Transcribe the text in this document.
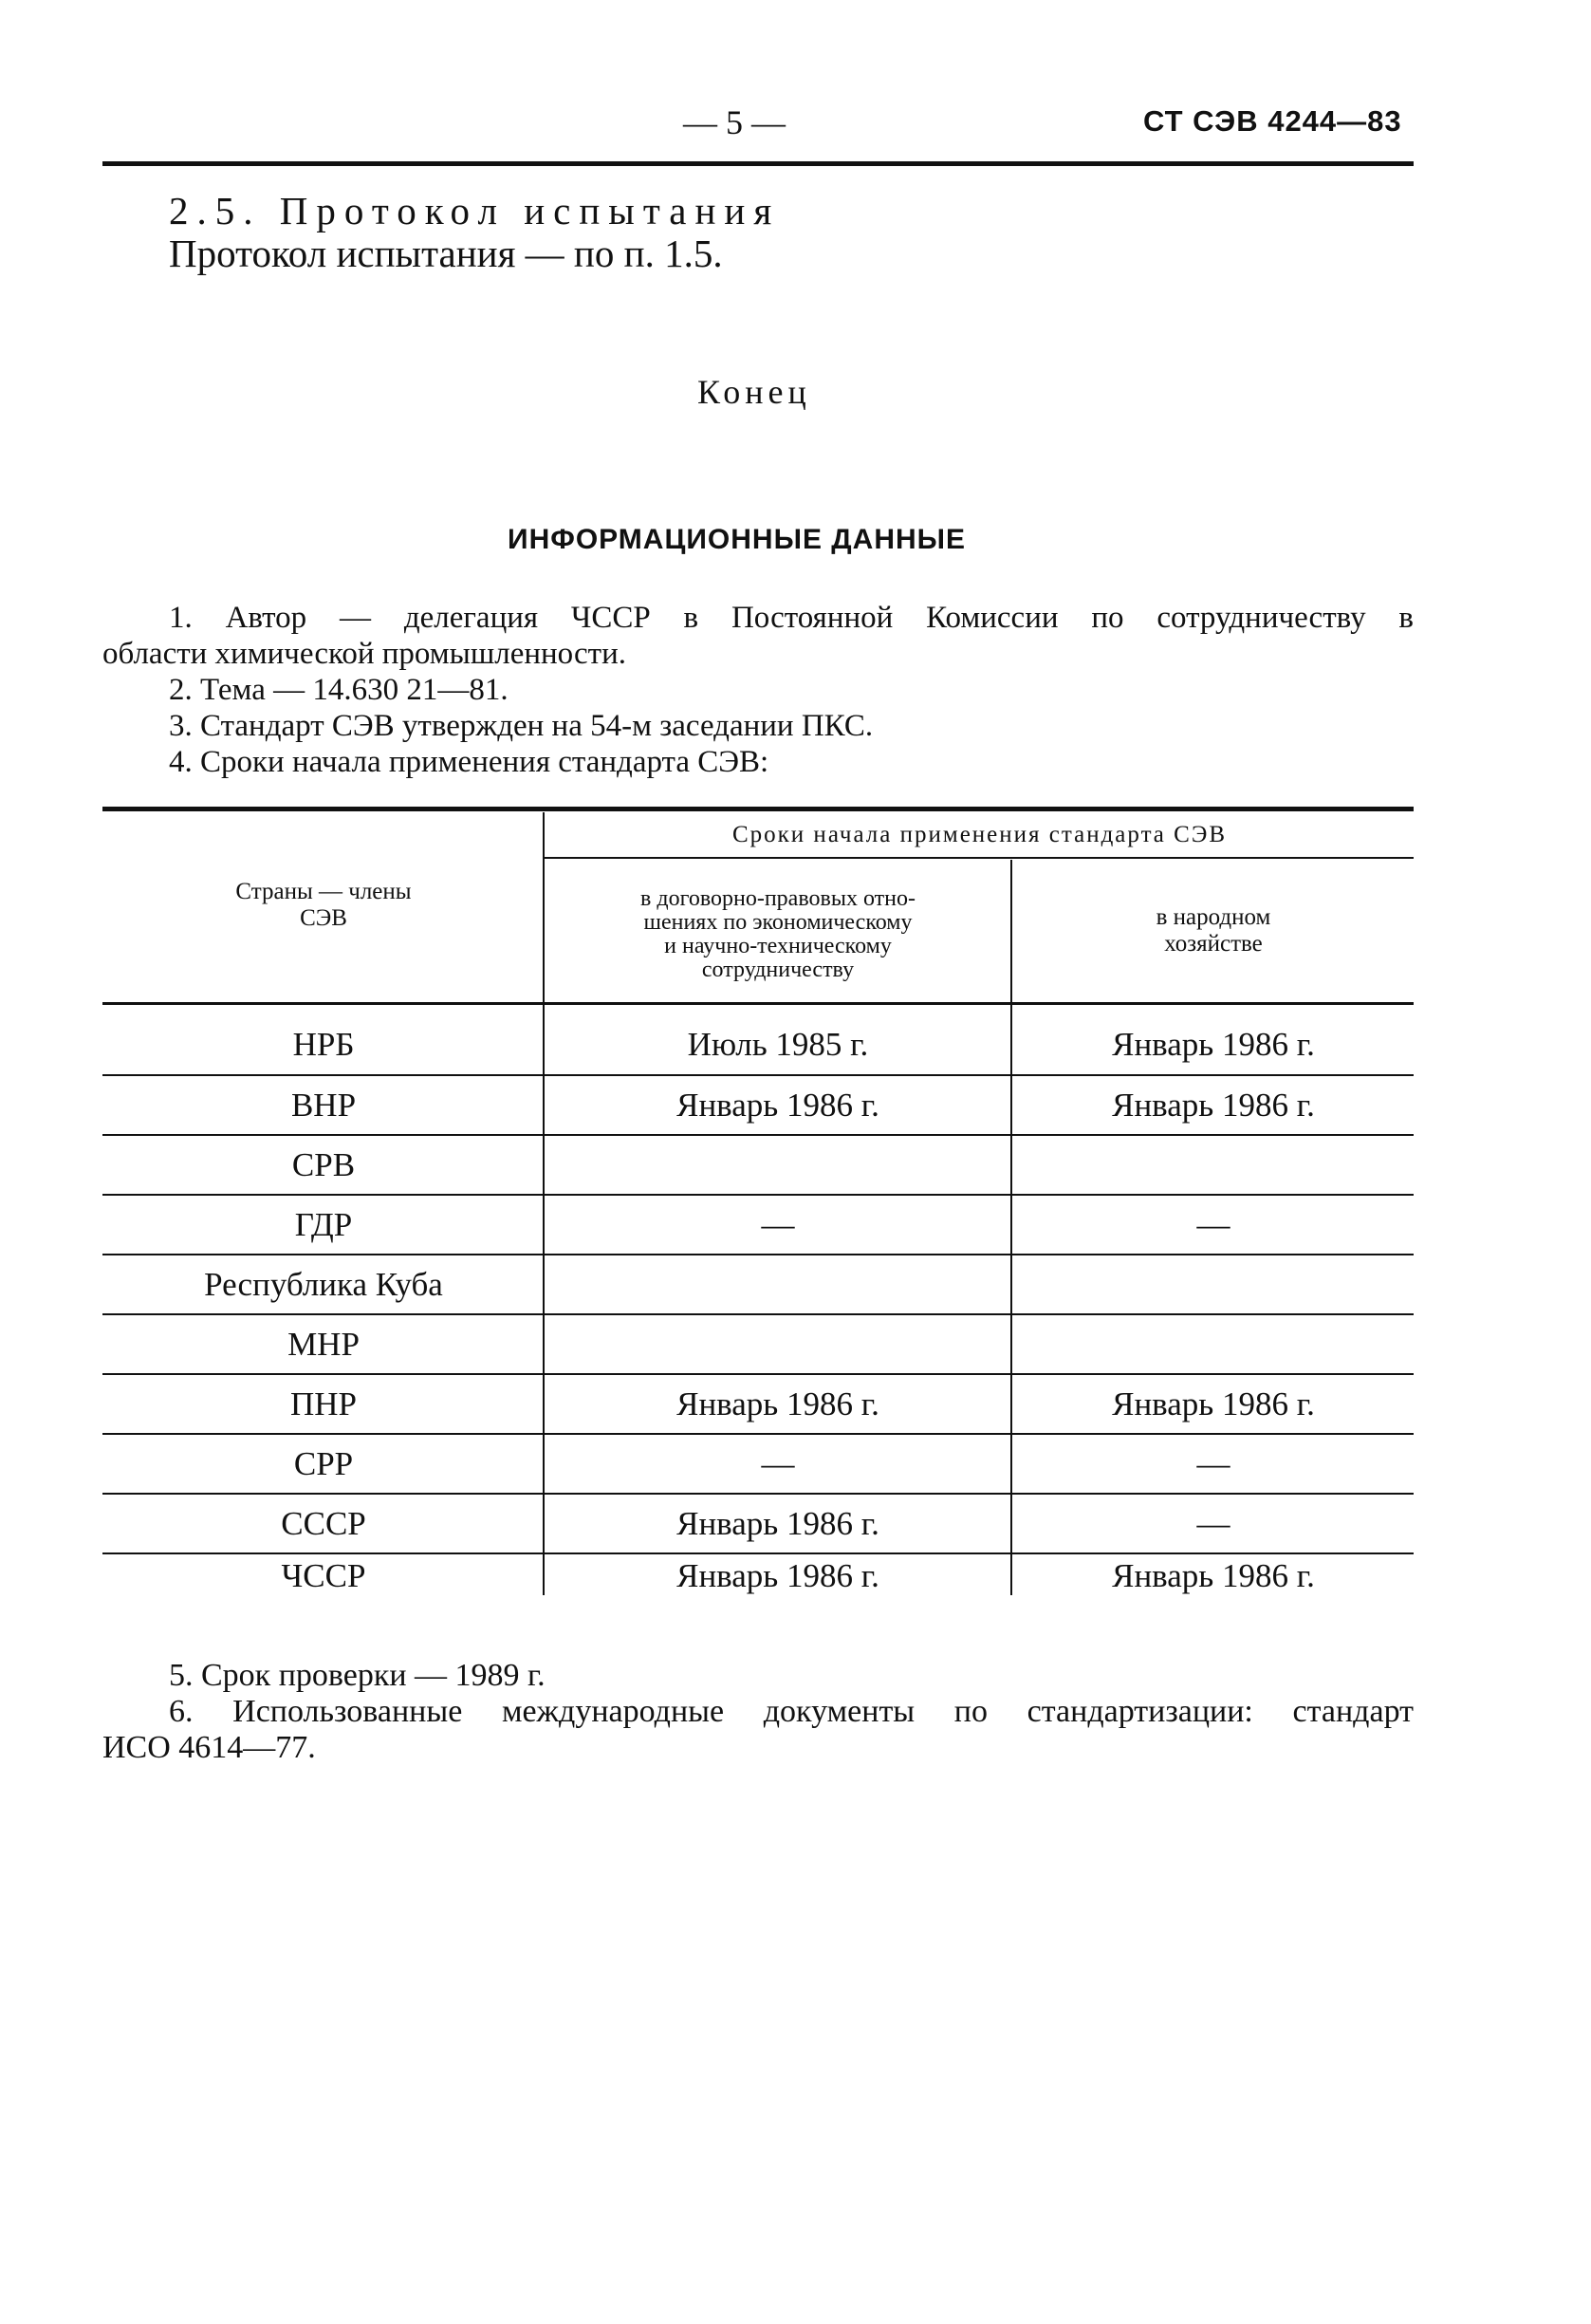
— 5 —	СТ СЭВ 4244—83
2.5. Протокол испытания
Протокол испытания — по п. 1.5.
Конец
ИНФОРМАЦИОННЫЕ ДАННЫЕ
1. Автор — делегация ЧССР в Постоянной Комиссии по сотрудничеству в
области химической промышленности.
2. Тема — 14.630 21—81.
3. Стандарт СЭВ утвержден на 54-м заседании ПКС.
4. Сроки начала применения стандарта СЭВ:
Сроки начала применения стандарта СЭВ
Страны — члены
СЭВ
в договорно-правовых отно-
шениях по экономическому
и научно-техническому
сотрудничеству
в народном
хозяйстве
НРБ	Июль 1985 г.	Январь 1986 г.
ВНР	Январь 1986 г.	Январь 1986 г.
СРВ
ГДР	—	—
Республика Куба
МНР
ПНР	Январь 1986 г.	Январь 1986 г.
СРР	—	—
СССР	Январь 1986 г.	—
ЧССР	Январь 1986 г.	Январь 1986 г.
5. Срок проверки — 1989 г.
6. Использованные международные документы по стандартизации: стандарт
ИСО 4614—77.
